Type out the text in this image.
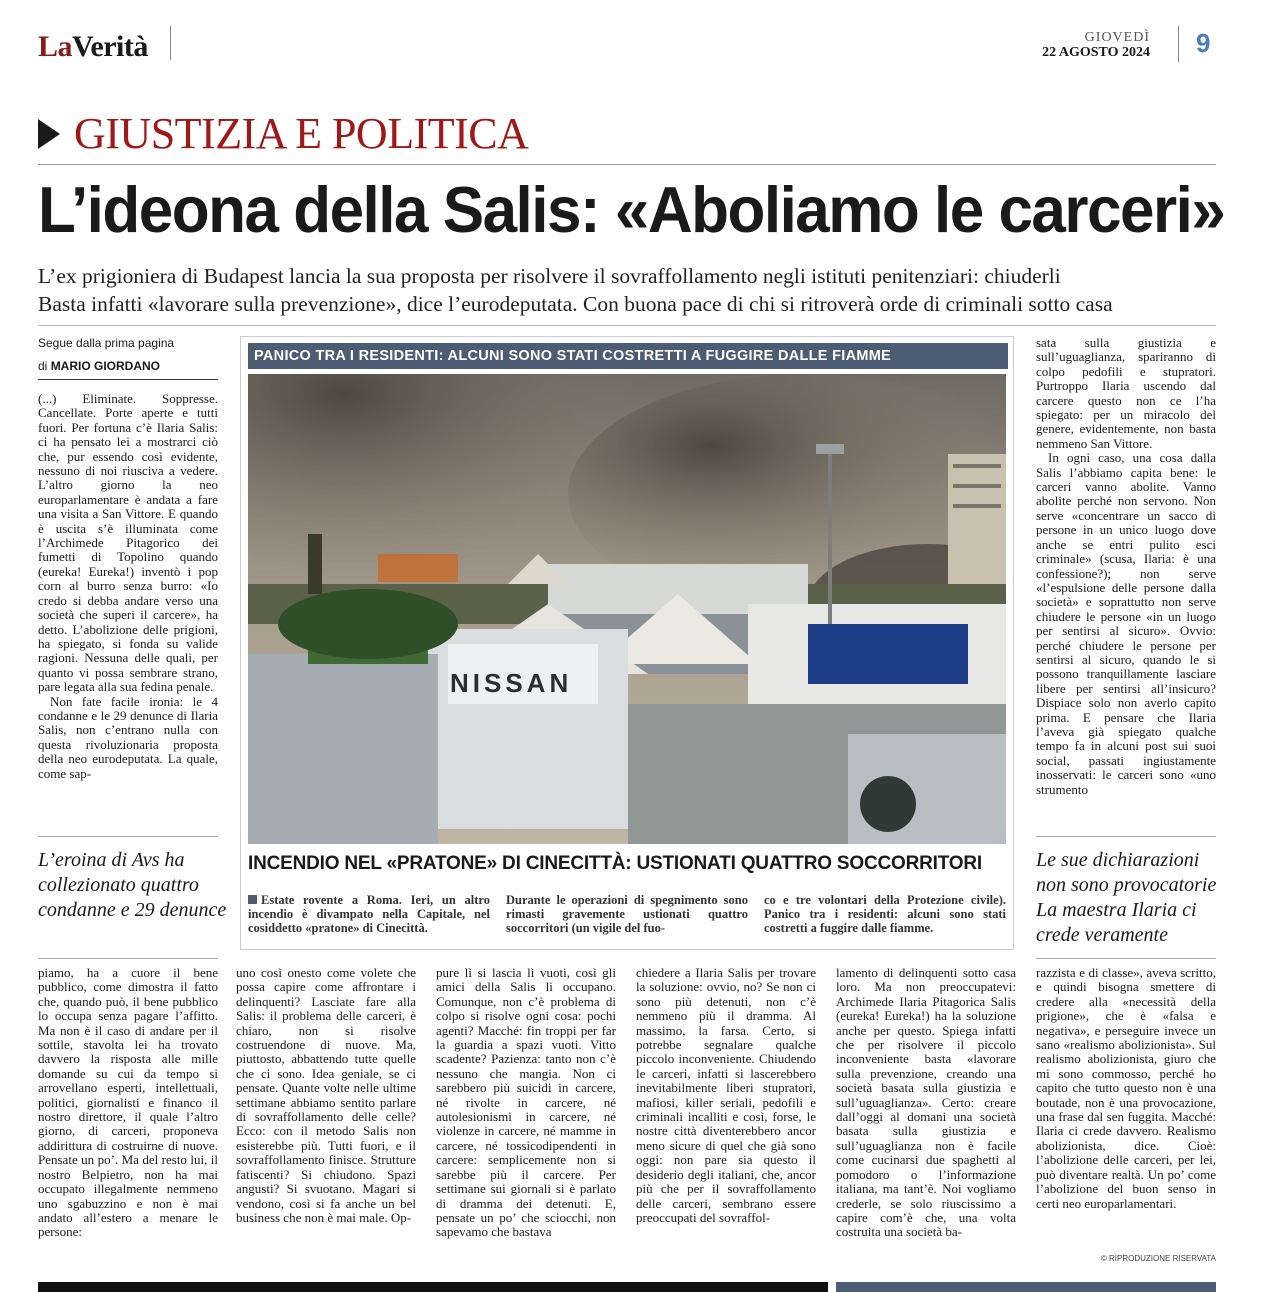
LaVerità	GIOVEDÌ
22 AGOSTO 2024 9
GIUSTIZIA E POLITICA
L’ideona della Salis: «Aboliamo le carceri»
L’ex prigioniera di Budapest lancia la sua proposta per risolvere il sovraffollamento negli istituti penitenziari: chiuderli
Basta infatti «lavorare sulla prevenzione», dice l’eurodeputata. Con buona pace di chi si ritroverà orde di criminali sotto casa
Segue dalla prima pagina
di MARIO GIORDANO

(...) Eliminate. Soppresse. Cancellate. Porte aperte e tutti fuori. Per fortuna c’è Ilaria Salis: ci ha pensato lei a mostrarci ciò che, pur essendo così evidente, nessuno di noi riusciva a vedere. L’altro giorno la neo europarlamentare è andata a fare una visita a San Vittore. E quando è uscita s’è illuminata come l’Archimede Pitagorico dei fumetti di Topolino quando (eureka! Eureka!) inventò i pop corn al burro senza burro: «Io credo si debba andare verso una società che superi il carcere», ha detto. L’abolizione delle prigioni, ha spiegato, si fonda su valide ragioni. Nessuna delle quali, per quanto vi possa sembrare strano, pare legata alla sua fedina penale.

Non fate facile ironia: le 4 condanne e le 29 denunce di Ilaria Salis, non c’entrano nulla con questa rivoluzionaria proposta della neo eurodeputata. La quale, come sap-

L’eroina di Avs ha collezionato quattro condanne e 29 denunce

sata sulla giustizia e sull’uguaglianza, spariranno di colpo pedofili e stupratori. Purtroppo Ilaria uscendo dal carcere questo non ce l’ha spiegato: per un miracolo del genere, evidentemente, non basta nemmeno San Vittore.

In ogni caso, una cosa dalla Salis l’abbiamo capita bene: le carceri vanno abolite. Vanno abolite perché non servono. Non serve «concentrare un sacco di persone in un unico luogo dove anche se entri pulito esci criminale» (scusa, Ilaria: è una confessione?); non serve «l’espulsione delle persone dalla società» e soprattutto non serve chiudere le persone «in un luogo per sentirsi al sicuro». Ovvio: perché chiudere le persone per sentirsi al sicuro, quando le si possono tranquillamente lasciare libere per sentirsi all’insicuro? Dispiace solo non averlo capito prima. E pensare che Ilaria l’aveva già spiegato qualche tempo fa in alcuni post sui suoi social, passati ingiustamente inosservati: le carceri sono «uno strumento

Le sue dichiarazioni non sono provocatorie La maestra Ilaria ci crede veramente
PANICO TRA I RESIDENTI: ALCUNI SONO STATI COSTRETTI A FUGGIRE DALLE FIAMME
NISSAN
INCENDIO NEL «PRATONE» DI CINECITTÀ: USTIONATI QUATTRO SOCCORRITORI
Estate rovente a Roma. Ieri, un altro incendio è divampato nella Capitale, nel cosiddetto «pratone» di Cinecittà.
Durante le operazioni di spegnimento sono rimasti gravemente ustionati quattro soccorritori (un vigile del fuo-
co e tre volontari della Protezione civile). Panico tra i residenti: alcuni sono stati costretti a fuggire dalle fiamme.

piamo, ha a cuore il bene pubblico, come dimostra il fatto che, quando può, il bene pubblico lo occupa senza pagare l’affitto. Ma non è il caso di andare per il sottile, stavolta lei ha trovato davvero la risposta alle mille domande su cui da tempo si arrovellano esperti, intellettuali, politici, giornalisti e financo il nostro direttore, il quale l’altro giorno, di carceri, proponeva addirittura di costruirne di nuove. Pensate un po’. Ma del resto lui, il nostro Belpietro, non ha mai occupato illegalmente nemmeno uno sgabuzzino e non è mai andato all’estero a menare le persone:

uno così onesto come volete che possa capire come affrontare i delinquenti? Lasciate fare alla Salis: il problema delle carceri, è chiaro, non si risolve costruendone di nuove. Ma, piuttosto, abbattendo tutte quelle che ci sono. Idea geniale, se ci pensate. Quante volte nelle ultime settimane abbiamo sentito parlare di sovraffollamento delle celle? Ecco: con il metodo Salis non esisterebbe più. Tutti fuori, e il sovraffollamento finisce. Strutture fatiscenti? Si chiudono. Spazi angusti? Si svuotano. Magari si vendono, così si fa anche un bel business che non è mai male. Op-

pure lì si lascia lì vuoti, così gli amici della Salis li occupano. Comunque, non c’è problema di colpo si risolve ogni cosa: pochi agenti? Macché: fin troppi per far la guardia a spazi vuoti. Vitto scadente? Pazienza: tanto non c’è nessuno che mangia. Non ci sarebbero più suicidi in carcere, né rivolte in carcere, né autolesionismi in carcere, né violenze in carcere, né mamme in carcere, né tossicodipendenti in carcere: semplicemente non si sarebbe più il carcere. Per settimane sui giornali si è parlato di dramma dei detenuti. E, pensate un po’ che sciocchi, non sapevamo che bastava

chiedere a Ilaria Salis per trovare la soluzione: ovvio, no? Se non ci sono più detenuti, non c’è nemmeno più il dramma. Al massimo, la farsa. Certo, si potrebbe segnalare qualche piccolo inconveniente. Chiudendo le carceri, infatti si lascerebbero inevitabilmente liberi stupratori, mafiosi, killer seriali, pedofili e criminali incalliti e così, forse, le nostre città diventerebbero ancor meno sicure di quel che già sono oggi: non pare sia questo il desiderio degli italiani, che, ancor più che per il sovraffollamento delle carceri, sembrano essere preoccupati del sovraffol-

lamento di delinquenti sotto casa loro. Ma non preoccupatevi: Archimede Ilaria Pitagorica Salis (eureka! Eureka!) ha la soluzione anche per questo. Spiega infatti che per risolvere il piccolo inconveniente basta «lavorare sulla prevenzione, creando una società basata sulla giustizia e sull’uguaglianza». Certo: creare dall’oggi al domani una società basata sulla giustizia e sull’uguaglianza non è facile come cucinarsi due spaghetti al pomodoro o l’informazione italiana, ma tant’è. Noi vogliamo crederle, se solo riuscissimo a capire com’è che, una volta costruita una società ba-

razzista e di classe», aveva scritto, e quindi bisogna smettere di credere alla «necessità della prigione», che è «falsa e negativa», e perseguire invece un sano «realismo abolizionista». Sul realismo abolizionista, giuro che mi sono commosso, perché ho capito che tutto questo non è una boutade, non è una provocazione, una frase dal sen fuggita. Macché: Ilaria ci crede davvero. Realismo abolizionista, dice. Cioè: l’abolizione delle carceri, per lei, può diventare realtà. Un po’ come l’abolizione del buon senso in certi neo europarlamentari.

© RIPRODUZIONE RISERVATA
